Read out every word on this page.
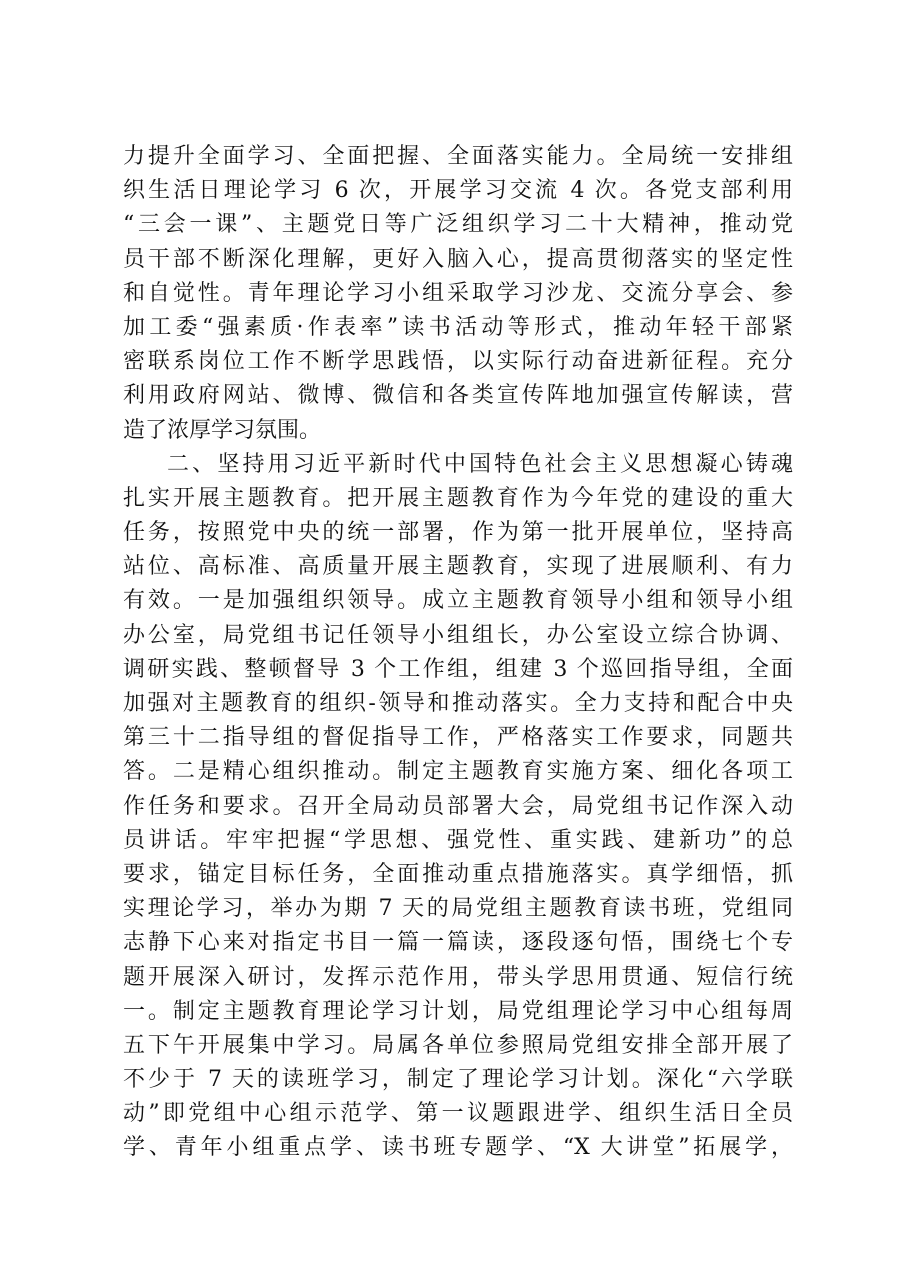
力提升全面学习、全面把握、全面落实能力。全局统一安排组
织生活日理论学习 6 次，开展学习交流 4 次。各党支部利用
“三会一课”、主题党日等广泛组织学习二十大精神，推动党
员干部不断深化理解，更好入脑入心，提高贯彻落实的坚定性
和自觉性。青年理论学习小组采取学习沙龙、交流分享会、参
加工委“强素质·作表率”读书活动等形式，推动年轻干部紧
密联系岗位工作不断学思践悟，以实际行动奋进新征程。充分
利用政府网站、微博、微信和各类宣传阵地加强宣传解读，营
造了浓厚学习氛围。
二、坚持用习近平新时代中国特色社会主义思想凝心铸魂
扎实开展主题教育。把开展主题教育作为今年党的建设的重大
任务，按照党中央的统一部署，作为第一批开展单位，坚持高
站位、高标准、高质量开展主题教育，实现了进展顺利、有力
有效。一是加强组织领导。成立主题教育领导小组和领导小组
办公室，局党组书记任领导小组组长，办公室设立综合协调、
调研实践、整顿督导 3 个工作组，组建 3 个巡回指导组，全面
加强对主题教育的组织-领导和推动落实。全力支持和配合中央
第三十二指导组的督促指导工作，严格落实工作要求，同题共
答。二是精心组织推动。制定主题教育实施方案、细化各项工
作任务和要求。召开全局动员部署大会，局党组书记作深入动
员讲话。牢牢把握“学思想、强党性、重实践、建新功”的总
要求，锚定目标任务，全面推动重点措施落实。真学细悟，抓
实理论学习，举办为期 7 天的局党组主题教育读书班，党组同
志静下心来对指定书目一篇一篇读，逐段逐句悟，围绕七个专
题开展深入研讨，发挥示范作用，带头学思用贯通、短信行统
一。制定主题教育理论学习计划，局党组理论学习中心组每周
五下午开展集中学习。局属各单位参照局党组安排全部开展了
不少于 7 天的读班学习，制定了理论学习计划。深化“六学联
动”即党组中心组示范学、第一议题跟进学、组织生活日全员
学、青年小组重点学、读书班专题学、“X 大讲堂”拓展学，
